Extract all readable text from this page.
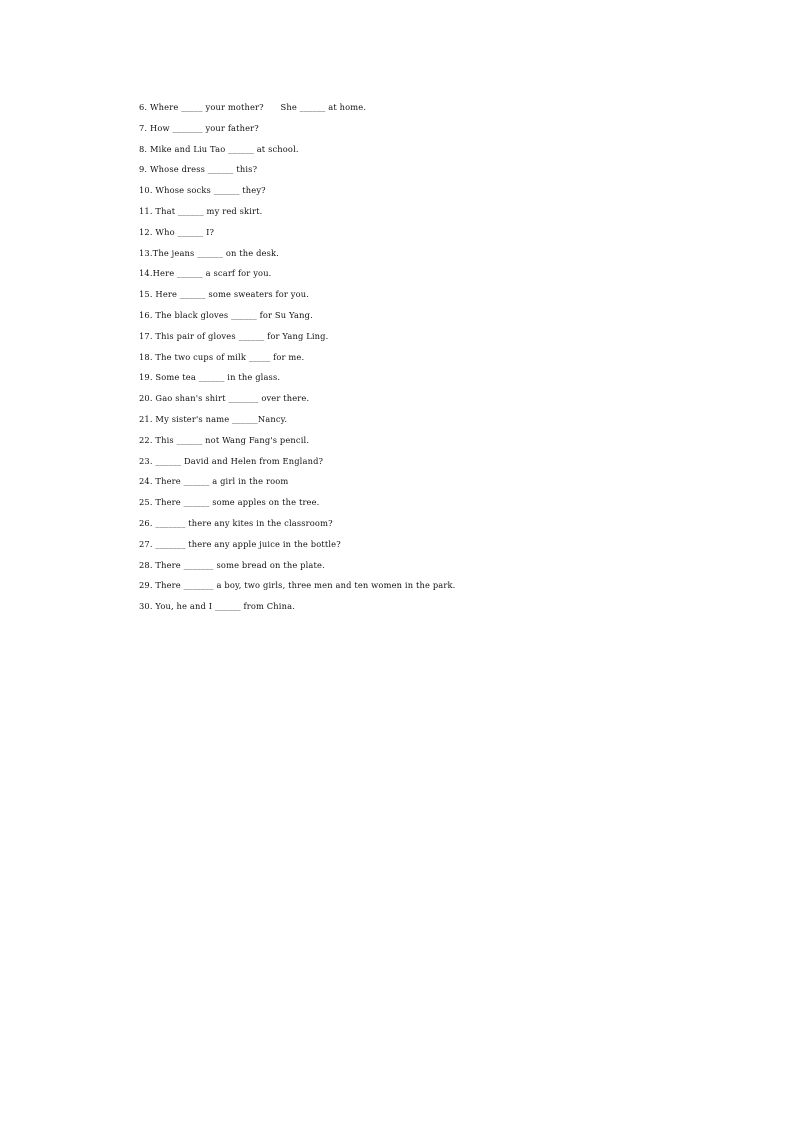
6. Where _____ your mother?      She ______ at home.
7. How _______ your father?
8. Mike and Liu Tao ______ at school.
9. Whose dress ______ this?
10. Whose socks ______ they?
11. That ______ my red skirt.
12. Who ______ I?
13.The jeans ______ on the desk.
14.Here ______ a scarf for you.
15. Here ______ some sweaters for you.
16. The black gloves ______ for Su Yang.
17. This pair of gloves ______ for Yang Ling.
18. The two cups of milk _____ for me.
19. Some tea ______ in the glass.
20. Gao shan's shirt _______ over there.
21. My sister's name ______Nancy.
22. This ______ not Wang Fang's pencil.
23. ______ David and Helen from England?
24. There ______ a girl in the room
25. There ______ some apples on the tree.
26. _______ there any kites in the classroom?
27. _______ there any apple juice in the bottle?
28. There _______ some bread on the plate.
29. There _______ a boy, two girls, three men and ten women in the park.
30. You, he and I ______ from China.
